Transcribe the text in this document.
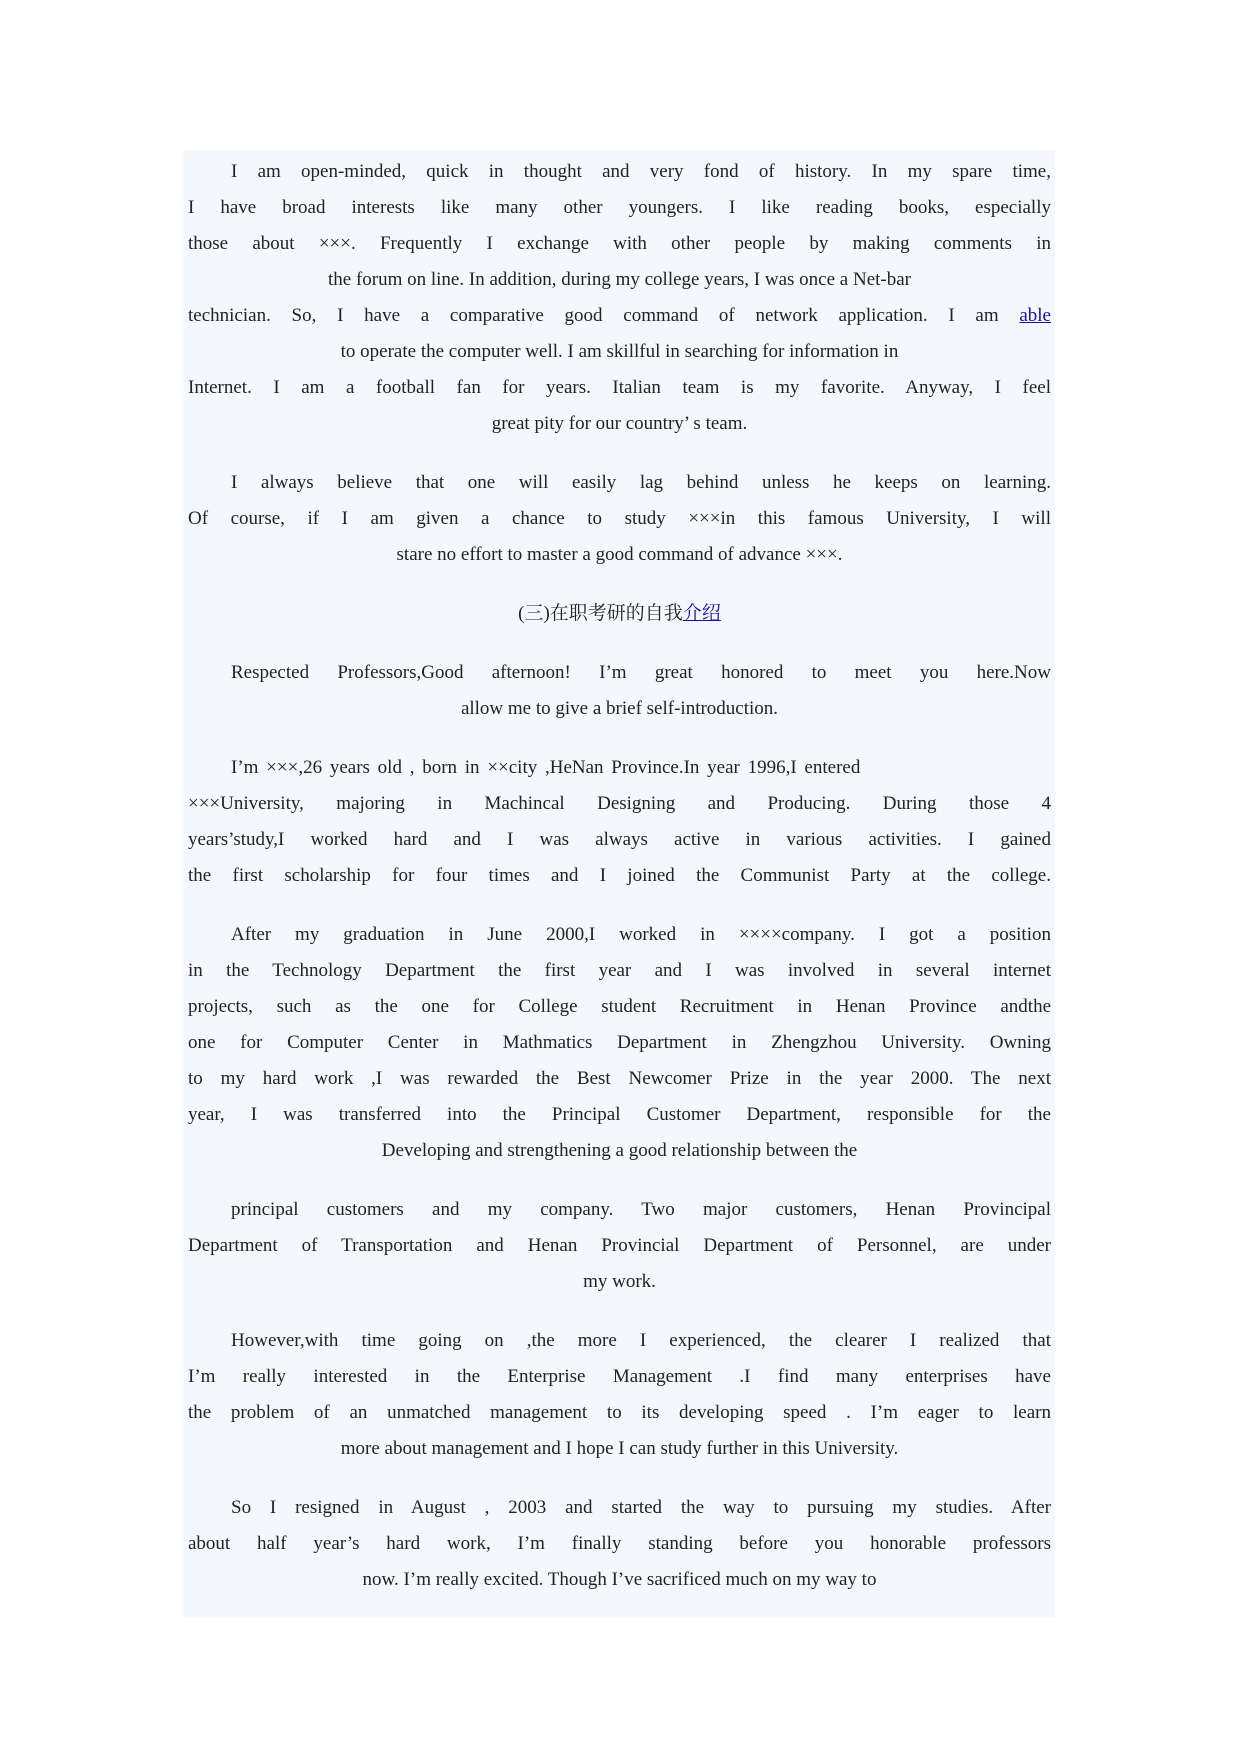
I am open-minded, quick in thought and very fond of history. In my spare time,
I have broad interests like many other youngers. I like reading books, especially
those about ×××. Frequently I exchange with other people by making comments in
the forum on line. In addition, during my college years, I was once a Net-bar
technician. So, I have a comparative good command of network application. I am able
to operate the computer well. I am skillful in searching for information in
Internet. I am a football fan for years. Italian team is my favorite. Anyway, I feel
great pity for our country’ s team.
I always believe that one will easily lag behind unless he keeps on learning.
Of course, if I am given a chance to study ×××in this famous University, I will
stare no effort to master a good command of advance ×××.
(三)在职考研的自我介绍
Respected Professors,Good afternoon! I’m great honored to meet you here.Now
allow me to give a brief self-introduction.
I’m ×××,26 years old , born in ××city ,HeNan Province.In year 1996,I entered
×××University, majoring in Machincal Designing and Producing. During those 4
years’study,I worked hard and I was always active in various activities. I gained
the first scholarship for four times and I joined the Communist Party at the college.
After my graduation in June 2000,I worked in ××××company. I got a position
in the Technology Department the first year and I was involved in several internet
projects, such as the one for College student Recruitment in Henan Province andthe
one for Computer Center in Mathmatics Department in Zhengzhou University. Owning
to my hard work ,I was rewarded the Best Newcomer Prize in the year 2000. The next
year, I was transferred into the Principal Customer Department, responsible for the
Developing and strengthening a good relationship between the
principal customers and my company. Two major customers, Henan Provincipal
Department of Transportation and Henan Provincial Department of Personnel, are under
my work.
However,with time going on ,the more I experienced, the clearer I realized that
I’m really interested in the Enterprise Management .I find many enterprises have
the problem of an unmatched management to its developing speed . I’m eager to learn
more about management and I hope I can study further in this University.
So I resigned in August , 2003 and started the way to pursuing my studies. After
about half year’s hard work, I’m finally standing before you honorable professors
now. I’m really excited. Though I’ve sacrificed much on my way to
